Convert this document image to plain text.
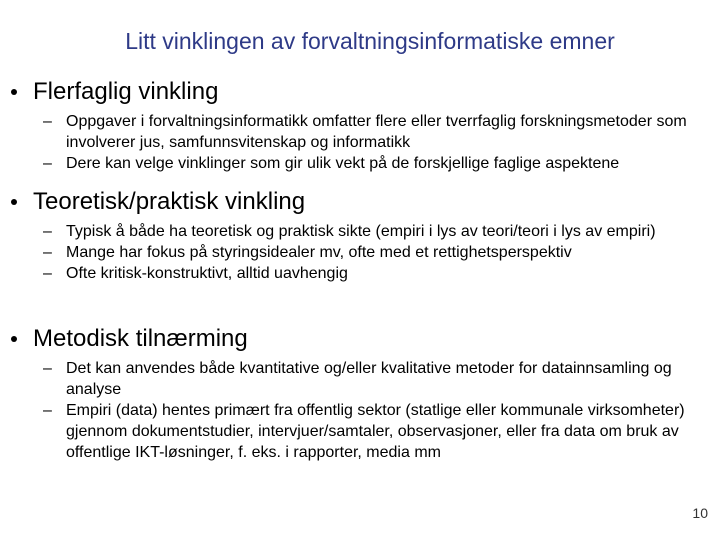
Litt vinklingen av forvaltningsinformatiske emner
Flerfaglig vinkling
– Oppgaver i forvaltningsinformatikk omfatter flere eller tverrfaglig forskningsmetoder som involverer jus, samfunnsvitenskap og informatikk
– Dere kan velge vinklinger som gir ulik vekt på de forskjellige faglige aspektene
Teoretisk/praktisk vinkling
– Typisk å både ha teoretisk og praktisk sikte (empiri i lys av teori/teori i lys av empiri)
– Mange har fokus på styringsidealer mv, ofte med et rettighetsperspektiv
– Ofte kritisk-konstruktivt, alltid uavhengig
Metodisk tilnærming
– Det kan anvendes både kvantitative og/eller kvalitative metoder for datainnsamling og analyse
– Empiri (data) hentes primært fra offentlig sektor (statlige eller kommunale virksomheter) gjennom dokumentstudier, intervjuer/samtaler, observasjoner, eller fra data om bruk av offentlige IKT-løsninger, f. eks. i rapporter, media mm
10
